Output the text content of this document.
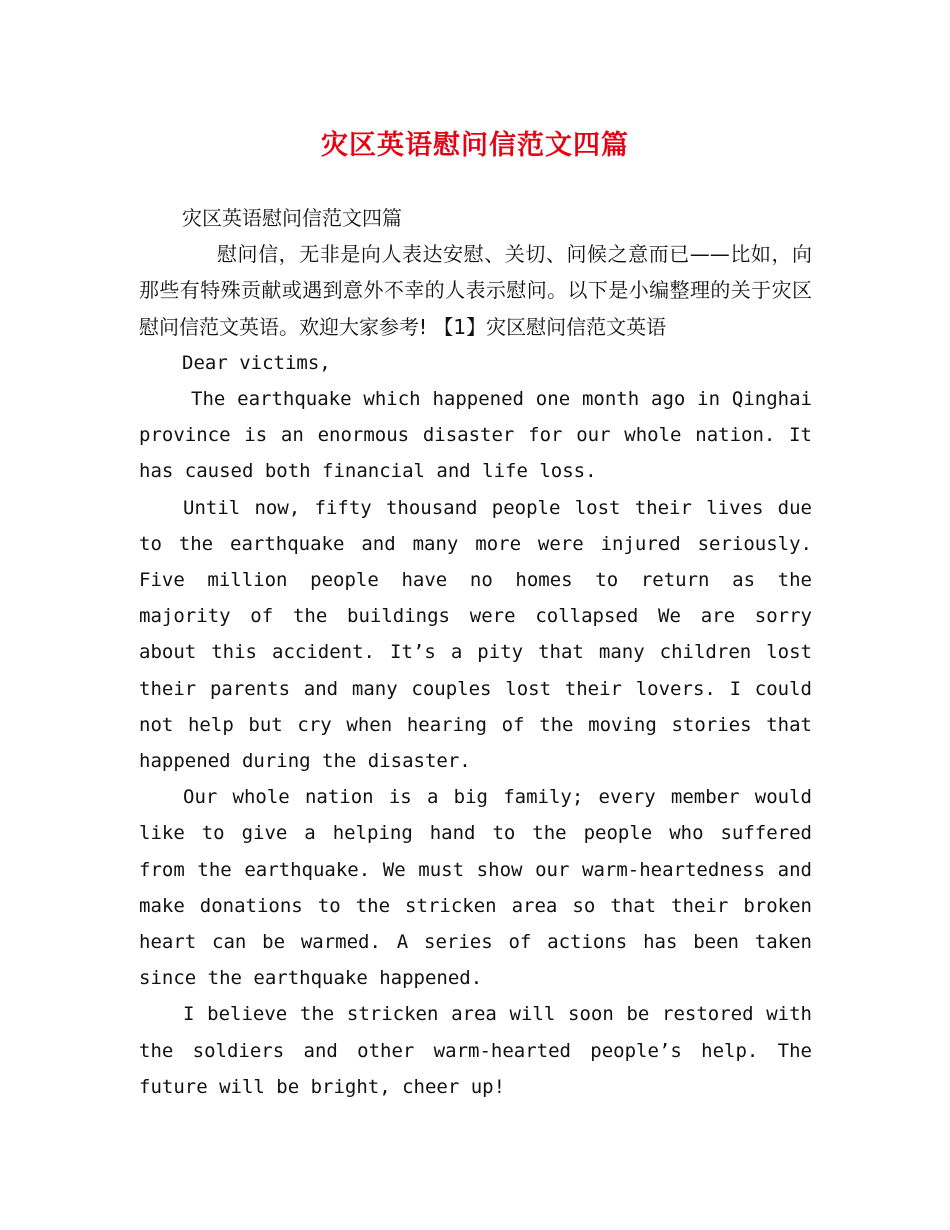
灾区英语慰问信范文四篇

灾区英语慰问信范文四篇

慰问信，无非是向人表达安慰、关切、问候之意而已——比如，向那些有特殊贡献或遇到意外不幸的人表示慰问。以下是小编整理的关于灾区慰问信范文英语。欢迎大家参考! 【1】灾区慰问信范文英语

Dear victims,

The earthquake which happened one month ago in Qinghai province is an enormous disaster for our whole nation. It has caused both financial and life loss.

Until now, fifty thousand people lost their lives due to the earthquake and many more were injured seriously. Five million people have no homes to return as the majority of the buildings were collapsed We are sorry about this accident. It’s a pity that many children lost their parents and many couples lost their lovers. I could not help but cry when hearing of the moving stories that happened during the disaster.

Our whole nation is a big family; every member would like to give a helping hand to the people who suffered from the earthquake. We must show our warm-heartedness and make donations to the stricken area so that their broken heart can be warmed. A series of actions has been taken since the earthquake happened.

I believe the stricken area will soon be restored with the soldiers and other warm-hearted people’s help. The future will be bright, cheer up!
